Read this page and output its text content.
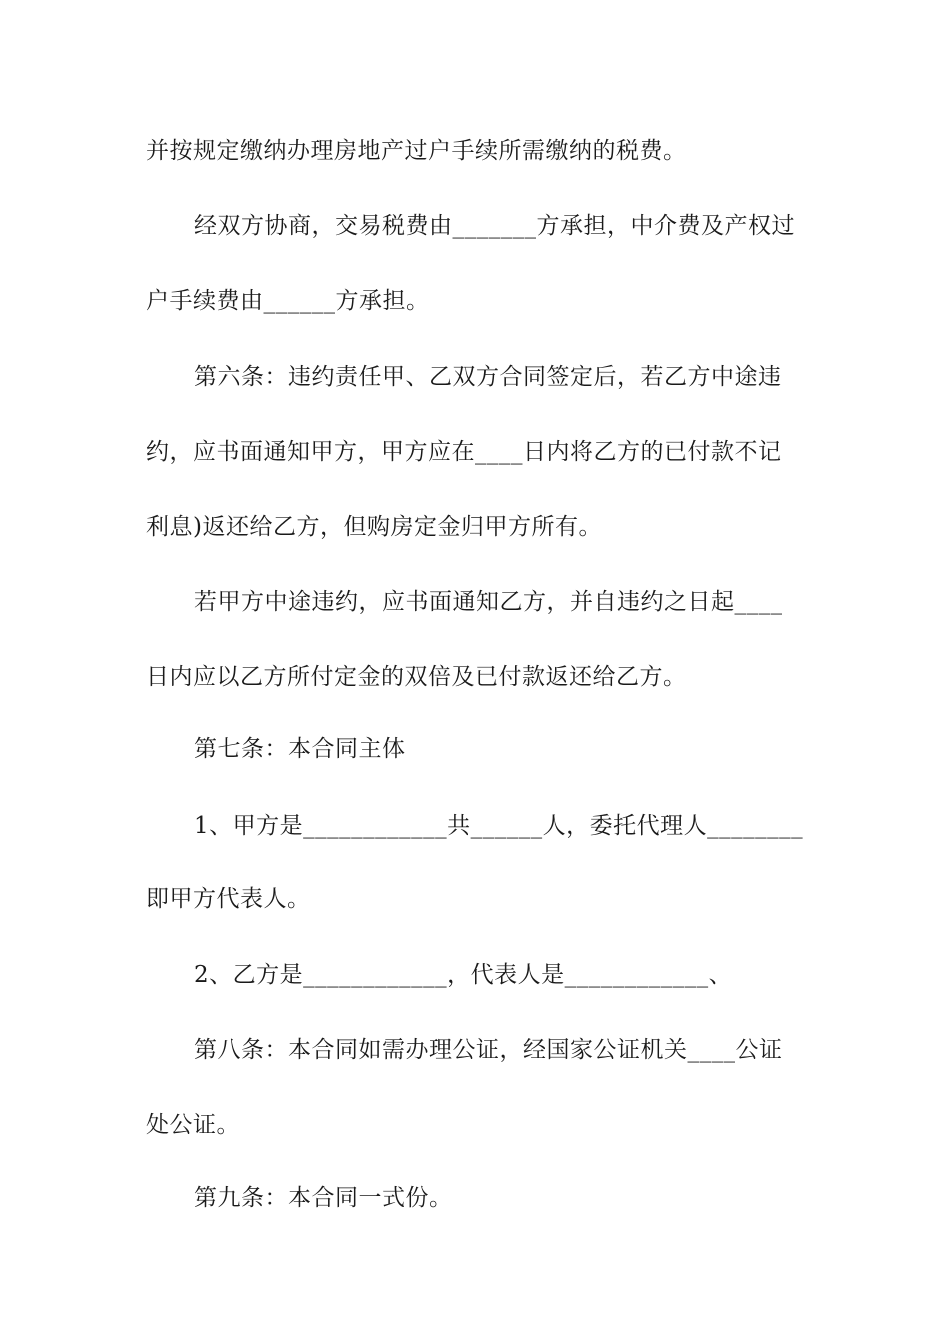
并按规定缴纳办理房地产过户手续所需缴纳的税费。
经双方协商，交易税费由_______方承担，中介费及产权过
户手续费由______方承担。
第六条：违约责任甲、乙双方合同签定后，若乙方中途违
约，应书面通知甲方，甲方应在____日内将乙方的已付款不记
利息)返还给乙方，但购房定金归甲方所有。
若甲方中途违约，应书面通知乙方，并自违约之日起____
日内应以乙方所付定金的双倍及已付款返还给乙方。
第七条：本合同主体
1、甲方是____________共______人，委托代理人________
即甲方代表人。
2、乙方是____________，代表人是____________、
第八条：本合同如需办理公证，经国家公证机关____公证
处公证。
第九条：本合同一式份。
